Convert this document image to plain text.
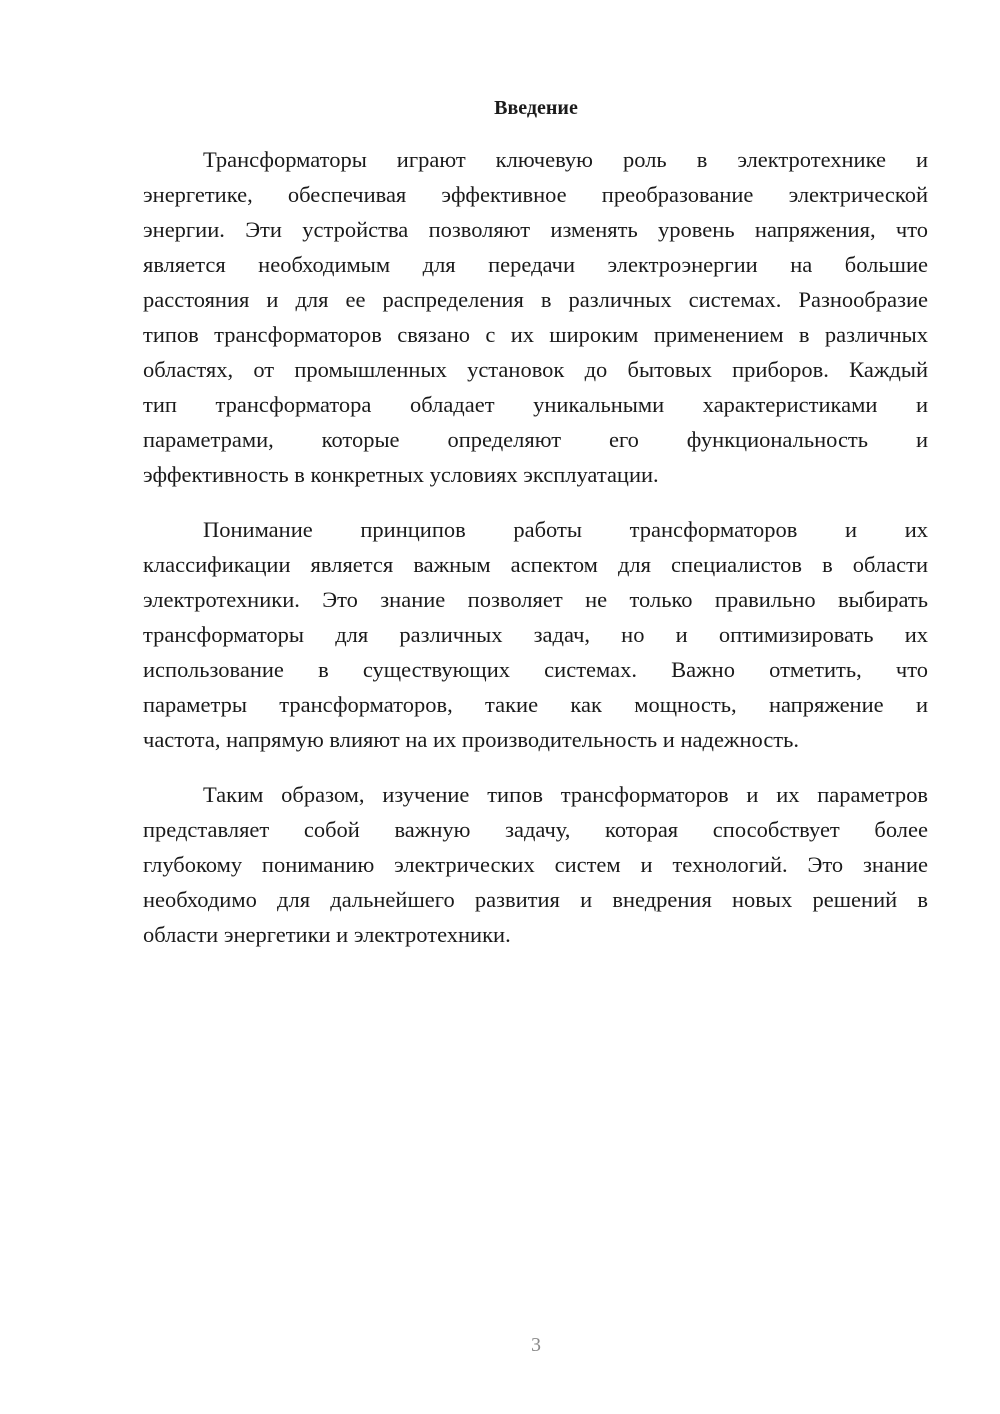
Введение
Трансформаторы играют ключевую роль в электротехнике и
энергетике, обеспечивая эффективное преобразование электрической
энергии. Эти устройства позволяют изменять уровень напряжения, что
является необходимым для передачи электроэнергии на большие
расстояния и для ее распределения в различных системах. Разнообразие
типов трансформаторов связано с их широким применением в различных
областях, от промышленных установок до бытовых приборов. Каждый
тип трансформатора обладает уникальными характеристиками и
параметрами, которые определяют его функциональность и
эффективность в конкретных условиях эксплуатации.
Понимание принципов работы трансформаторов и их
классификации является важным аспектом для специалистов в области
электротехники. Это знание позволяет не только правильно выбирать
трансформаторы для различных задач, но и оптимизировать их
использование в существующих системах. Важно отметить, что
параметры трансформаторов, такие как мощность, напряжение и
частота, напрямую влияют на их производительность и надежность.
Таким образом, изучение типов трансформаторов и их параметров
представляет собой важную задачу, которая способствует более
глубокому пониманию электрических систем и технологий. Это знание
необходимо для дальнейшего развития и внедрения новых решений в
области энергетики и электротехники.
3
